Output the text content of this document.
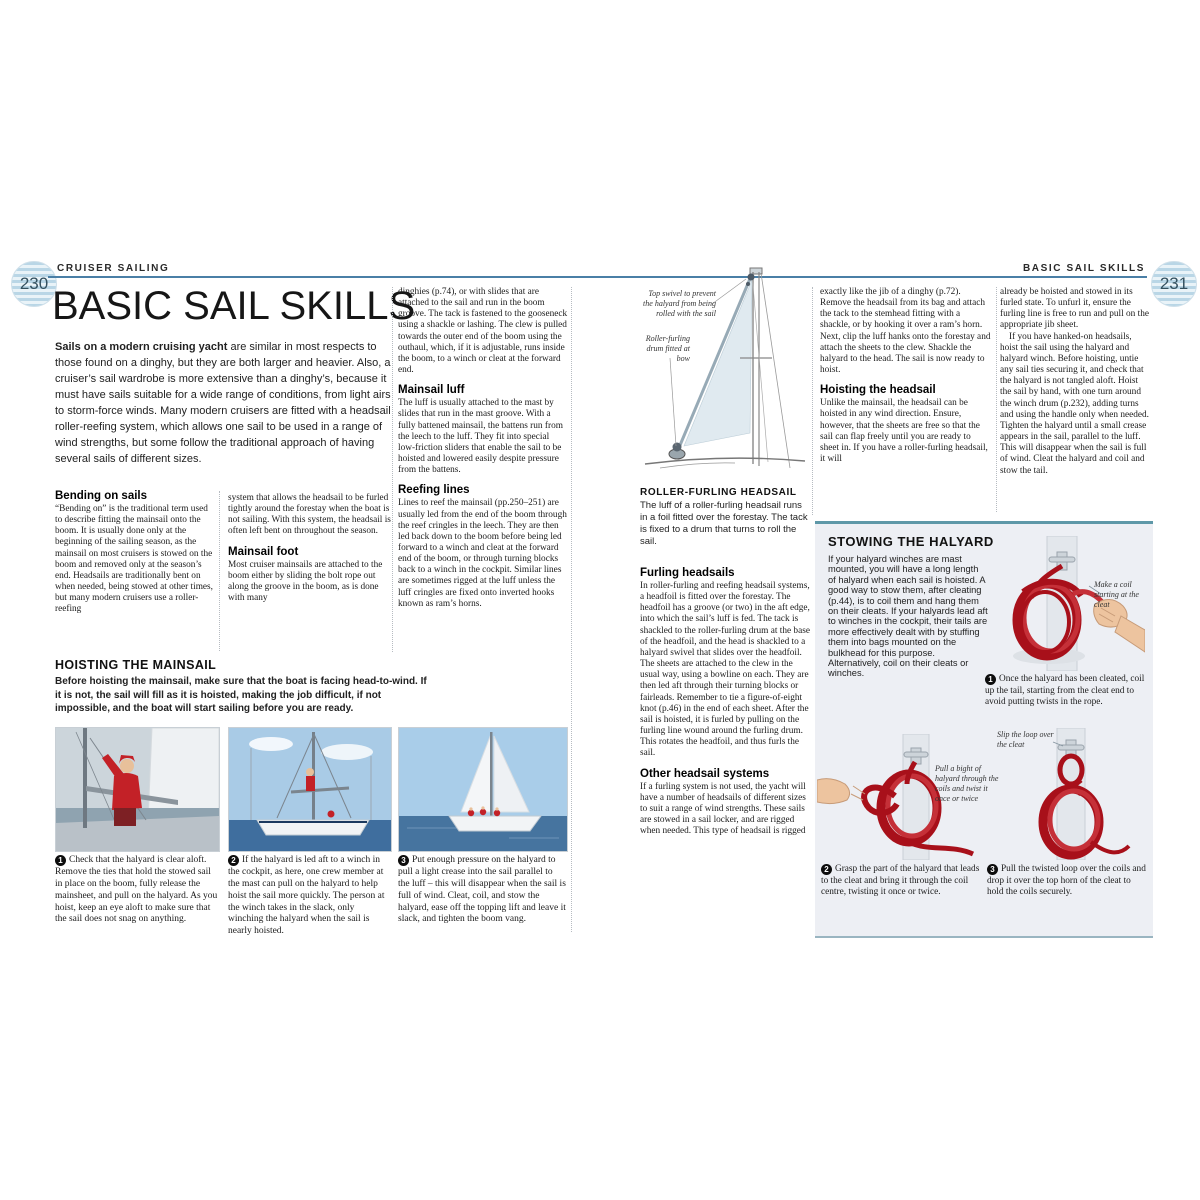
230
CRUISER SAILING	BASIC SAIL SKILLS
231
BASIC SAIL SKILLS

Sails on a modern cruising yacht are similar in most respects to those found on a dinghy, but they are both larger and heavier. Also, a cruiser’s sail wardrobe is more extensive than a dinghy’s, because it must have sails suitable for a wide range of conditions, from light airs to storm-force winds. Many modern cruisers are fitted with a headsail roller-reefing system, which allows one sail to be used in a range of wind strengths, but some follow the traditional approach of having several sails of different sizes.

Bending on sails

“Bending on” is the traditional term used to describe fitting the mainsail onto the boom. It is usually done only at the beginning of the sailing season, as the mainsail on most cruisers is stowed on the boom and removed only at the season’s end. Headsails are traditionally bent on when needed, being stowed at other times, but many modern cruisers use a roller-reefing

system that allows the headsail to be furled tightly around the forestay when the boat is not sailing. With this system, the headsail is often left bent on throughout the season.

Mainsail foot

Most cruiser mainsails are attached to the boom either by sliding the bolt rope out along the groove in the boom, as is done with many

dinghies (p.74), or with slides that are attached to the sail and run in the boom groove. The tack is fastened to the gooseneck using a shackle or lashing. The clew is pulled towards the outer end of the boom using the outhaul, which, if it is adjustable, runs inside the boom, to a winch or cleat at the forward end.

Mainsail luff

The luff is usually attached to the mast by slides that run in the mast groove. With a fully battened mainsail, the battens run from the leech to the luff. They fit into special low-friction sliders that enable the sail to be hoisted and lowered easily despite pressure from the battens.

Reefing lines

Lines to reef the mainsail (pp.250–251) are usually led from the end of the boom through the reef cringles in the leech. They are then led back down to the boom before being led forward to a winch and cleat at the forward end of the boom, or through turning blocks back to a winch in the cockpit. Similar lines are sometimes rigged at the luff unless the luff cringles are fixed onto inverted hooks known as ram’s horns.

HOISTING THE MAINSAIL

Before hoisting the mainsail, make sure that the boat is facing head-to-wind. If it is not, the sail will fill as it is hoisted, making the job difficult, if not impossible, and the boat will start sailing before you are ready.

1 Check that the halyard is clear aloft. Remove the ties that hold the stowed sail in place on the boom, fully release the mainsheet, and pull on the halyard. As you hoist, keep an eye aloft to make sure that the sail does not snag on anything.

2 If the halyard is led aft to a winch in the cockpit, as here, one crew member at the mast can pull on the halyard to help hoist the sail more quickly. The person at the winch takes in the slack, only winching the halyard when the sail is nearly hoisted.

3 Put enough pressure on the halyard to pull a light crease into the sail parallel to the luff – this will disappear when the sail is full of wind. Cleat, coil, and stow the halyard, ease off the topping lift and leave it slack, and tighten the boom vang.

Top swivel to prevent the halyard from being rolled with the sail
Roller-furling drum fitted at bow
ROLLER-FURLING HEADSAIL

The luff of a roller-furling headsail runs in a foil fitted over the forestay. The tack is fixed to a drum that turns to roll the sail.

Furling headsails

In roller-furling and reefing headsail systems, a headfoil is fitted over the forestay. The headfoil has a groove (or two) in the aft edge, into which the sail’s luff is fed. The tack is shackled to the roller-furling drum at the base of the headfoil, and the head is shackled to a halyard swivel that slides over the headfoil. The sheets are attached to the clew in the usual way, using a bowline on each. They are then led aft through their turning blocks or fairleads. Remember to tie a figure-of-eight knot (p.46) in the end of each sheet. After the sail is hoisted, it is furled by pulling on the furling line wound around the furling drum. This rotates the headfoil, and thus furls the sail.

Other headsail systems

If a furling system is not used, the yacht will have a number of headsails of different sizes to suit a range of wind strengths. These sails are stowed in a sail locker, and are rigged when needed. This type of headsail is rigged

exactly like the jib of a dinghy (p.72). Remove the headsail from its bag and attach the tack to the stemhead fitting with a shackle, or by hooking it over a ram’s horn. Next, clip the luff hanks onto the forestay and attach the sheets to the clew. Shackle the halyard to the head. The sail is now ready to hoist.

Hoisting the headsail

Unlike the mainsail, the headsail can be hoisted in any wind direction. Ensure, however, that the sheets are free so that the sail can flap freely until you are ready to sheet in. If you have a roller-furling headsail, it will

already be hoisted and stowed in its furled state. To unfurl it, ensure the furling line is free to run and pull on the appropriate jib sheet.

If you have hanked-on headsails, hoist the sail using the halyard and halyard winch. Before hoisting, untie any sail ties securing it, and check that the halyard is not tangled aloft. Hoist the sail by hand, with one turn around the winch drum (p.232), adding turns and using the handle only when needed. Tighten the halyard until a small crease appears in the sail, parallel to the luff. This will disappear when the sail is full of wind. Cleat the halyard and coil and stow the tail.

STOWING THE HALYARD

If your halyard winches are mast mounted, you will have a long length of halyard when each sail is hoisted. A good way to stow them, after cleating (p.44), is to coil them and hang them on their cleats. If your halyards lead aft to winches in the cockpit, their tails are more effectively dealt with by stuffing them into bags mounted on the bulkhead for this purpose. Alternatively, coil on their cleats or winches.

Make a coil starting at the cleat

1 Once the halyard has been cleated, coil up the tail, starting from the cleat end to avoid putting twists in the rope.

Pull a bight of halyard through the coils and twist it once or twice
Slip the loop over the cleat

2 Grasp the part of the halyard that leads to the cleat and bring it through the coil centre, twisting it once or twice.

3 Pull the twisted loop over the coils and drop it over the top horn of the cleat to hold the coils securely.
